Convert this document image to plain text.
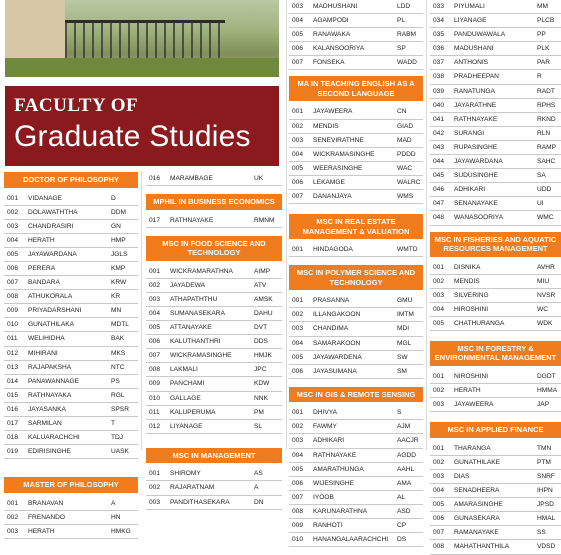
FACULTY OF
Graduate Studies
DOCTOR OF PHILOSOPHY
001 VIDANAGE	D
002 DOLAWATHTHA	DDM
003 CHANDRASIRI	GN
004 HERATH	HMP
005 JAYAWARDANA	JGLS
006 PERERA	KMP
007 BANDARA	KRW
008 ATHUKORALA	KR
009 PRIYADARSHANI	MN
010 GUNATHILAKA	MDTL
011 WELIHIDHA	BAK
012 MIHIRANI	MKS
013 RAJAPAKSHA	NTC
014 PANAWANNAGE	PS
015 RATHNAYAKA	RGL
016 JAYASANKA	SPSR
017 SARMILAN	T
018 KALUARACHCHI	TDJ
019 EDIRISINGHE	UASK
MASTER OF PHILOSOPHY
001 BRANAVAN	A
002 FRENANDO	HN
003 HERATH	HMKG
016 MARAMBAGE	UK
MPHIL IN BUSINESS ECONOMICS
017 RATHNAYAKE	RMNM
MSC IN FOOD SCIENCE AND TECHNOLOGY
001 WICKRAMARATHNA	AIMP
002 JAYADEWA	ATV
003 ATHAPATHTHU	AMSK
004 SUMANASEKARA	DAHU
005 ATTANAYAKE	DVT
006 KALUTHANTHRI	DDS
007 WICKRAMASINGHE	HMJK
008 LAKMALI	JPC
009 PANCHAMI	KDW
010 GALLAGE	NNK
011 KALUPERUMA	PM
012 LIYANAGE	SL
MSC IN MANAGEMENT
001 SHIROMY	AS
002 RAJARATNAM	A
003 PANDITHASEKARA	DN
003 MADHUSHANI	LDD
004 AGAMPODI	PL
005 RANAWAKA	RABM
006 KALANSOORIYA	SP
007 FONSEKA	WADD
MA IN TEACHING ENGLISH AS A SECOND LANGUAGE
001 JAYAWEERA	CN
002 MENDIS	GIAD
003 SENEVIRATHNE	MAD
004 WICKRAMASINGHE	PDDD
005 WEERASINGHE	WAC
006 LEKAMGE	WALRC
007 DANANJAYA	WMS
MSC IN REAL ESTATE MANAGEMENT & VALUATION
001 HINDAGODA	WMTD
MSC IN POLYMER SCIENCE AND TECHNOLOGY
001 PRASANNA	GMU
002 ILLANGAKOON	IMTM
003 CHANDIMA	MDI
004 SAMARAKOON	MGL
005 JAYAWARDENA	SW
006 JAYASUMANA	SM
MSC IN GIS & REMOTE SENSING
001 DHIVYA	S
002 FAWMY	AJM
003 ADHIKARI	AACJR
004 RATHNAYAKE	AGDD
005 AMARATHUNGA	AAHL
006 WIJESINGHE	AMA
007 IYOOB	AL
008 KARUNARATHNA	ASD
009 RANHOTI	CP
010 HANANGALAARACHCHI DS
033 PIYUMALI	MM
034 LIYANAGE	PLCB
035 PANDUWAWALA	PP
036 MADUSHANI	PLK
037 ANTHONIS	PAR
038 PRADHEEPAN	R
039 RANATUNGA	RADT
040 JAYARATHNE	RPHS
041 RATHNAYAKE	RKND
042 SURANGI	RLN
043 RUPASINGHE	RAMP
044 JAYAWARDANA	SAHC
045 SUDUSINGHE	SA
046 ADHIKARI	UDD
047 SENANAYAKE	UI
048 WANASOORIYA	WMC
MSC IN FISHERIES AND AQUATIC RESOURCES MANAGEMENT
001 DISNIKA	AVHR
002 MENDIS	MIU
003 SILVERING	NVSR
004 HIROSHINI	WC
005 CHATHURANGA	WDK
MSC IN FORESTRY & ENVIRONMENTAL MANAGEMENT
001 NIROSHINI	DGDT
002 HERATH	HMMA
003 JAYAWEERA	JAP
MSC IN APPLIED FINANCE
001 THARANGA	TMN
002 GUNATHILAKE	PTM
003 DIAS	SNRF
004 SENADHEERA	IHPN
005 AMARASINGHE	JPSD
006 GUNASEKARA	HMAL
007 RAMANAYAKE	SS
008 MAHATHANTHILA	VDSD
